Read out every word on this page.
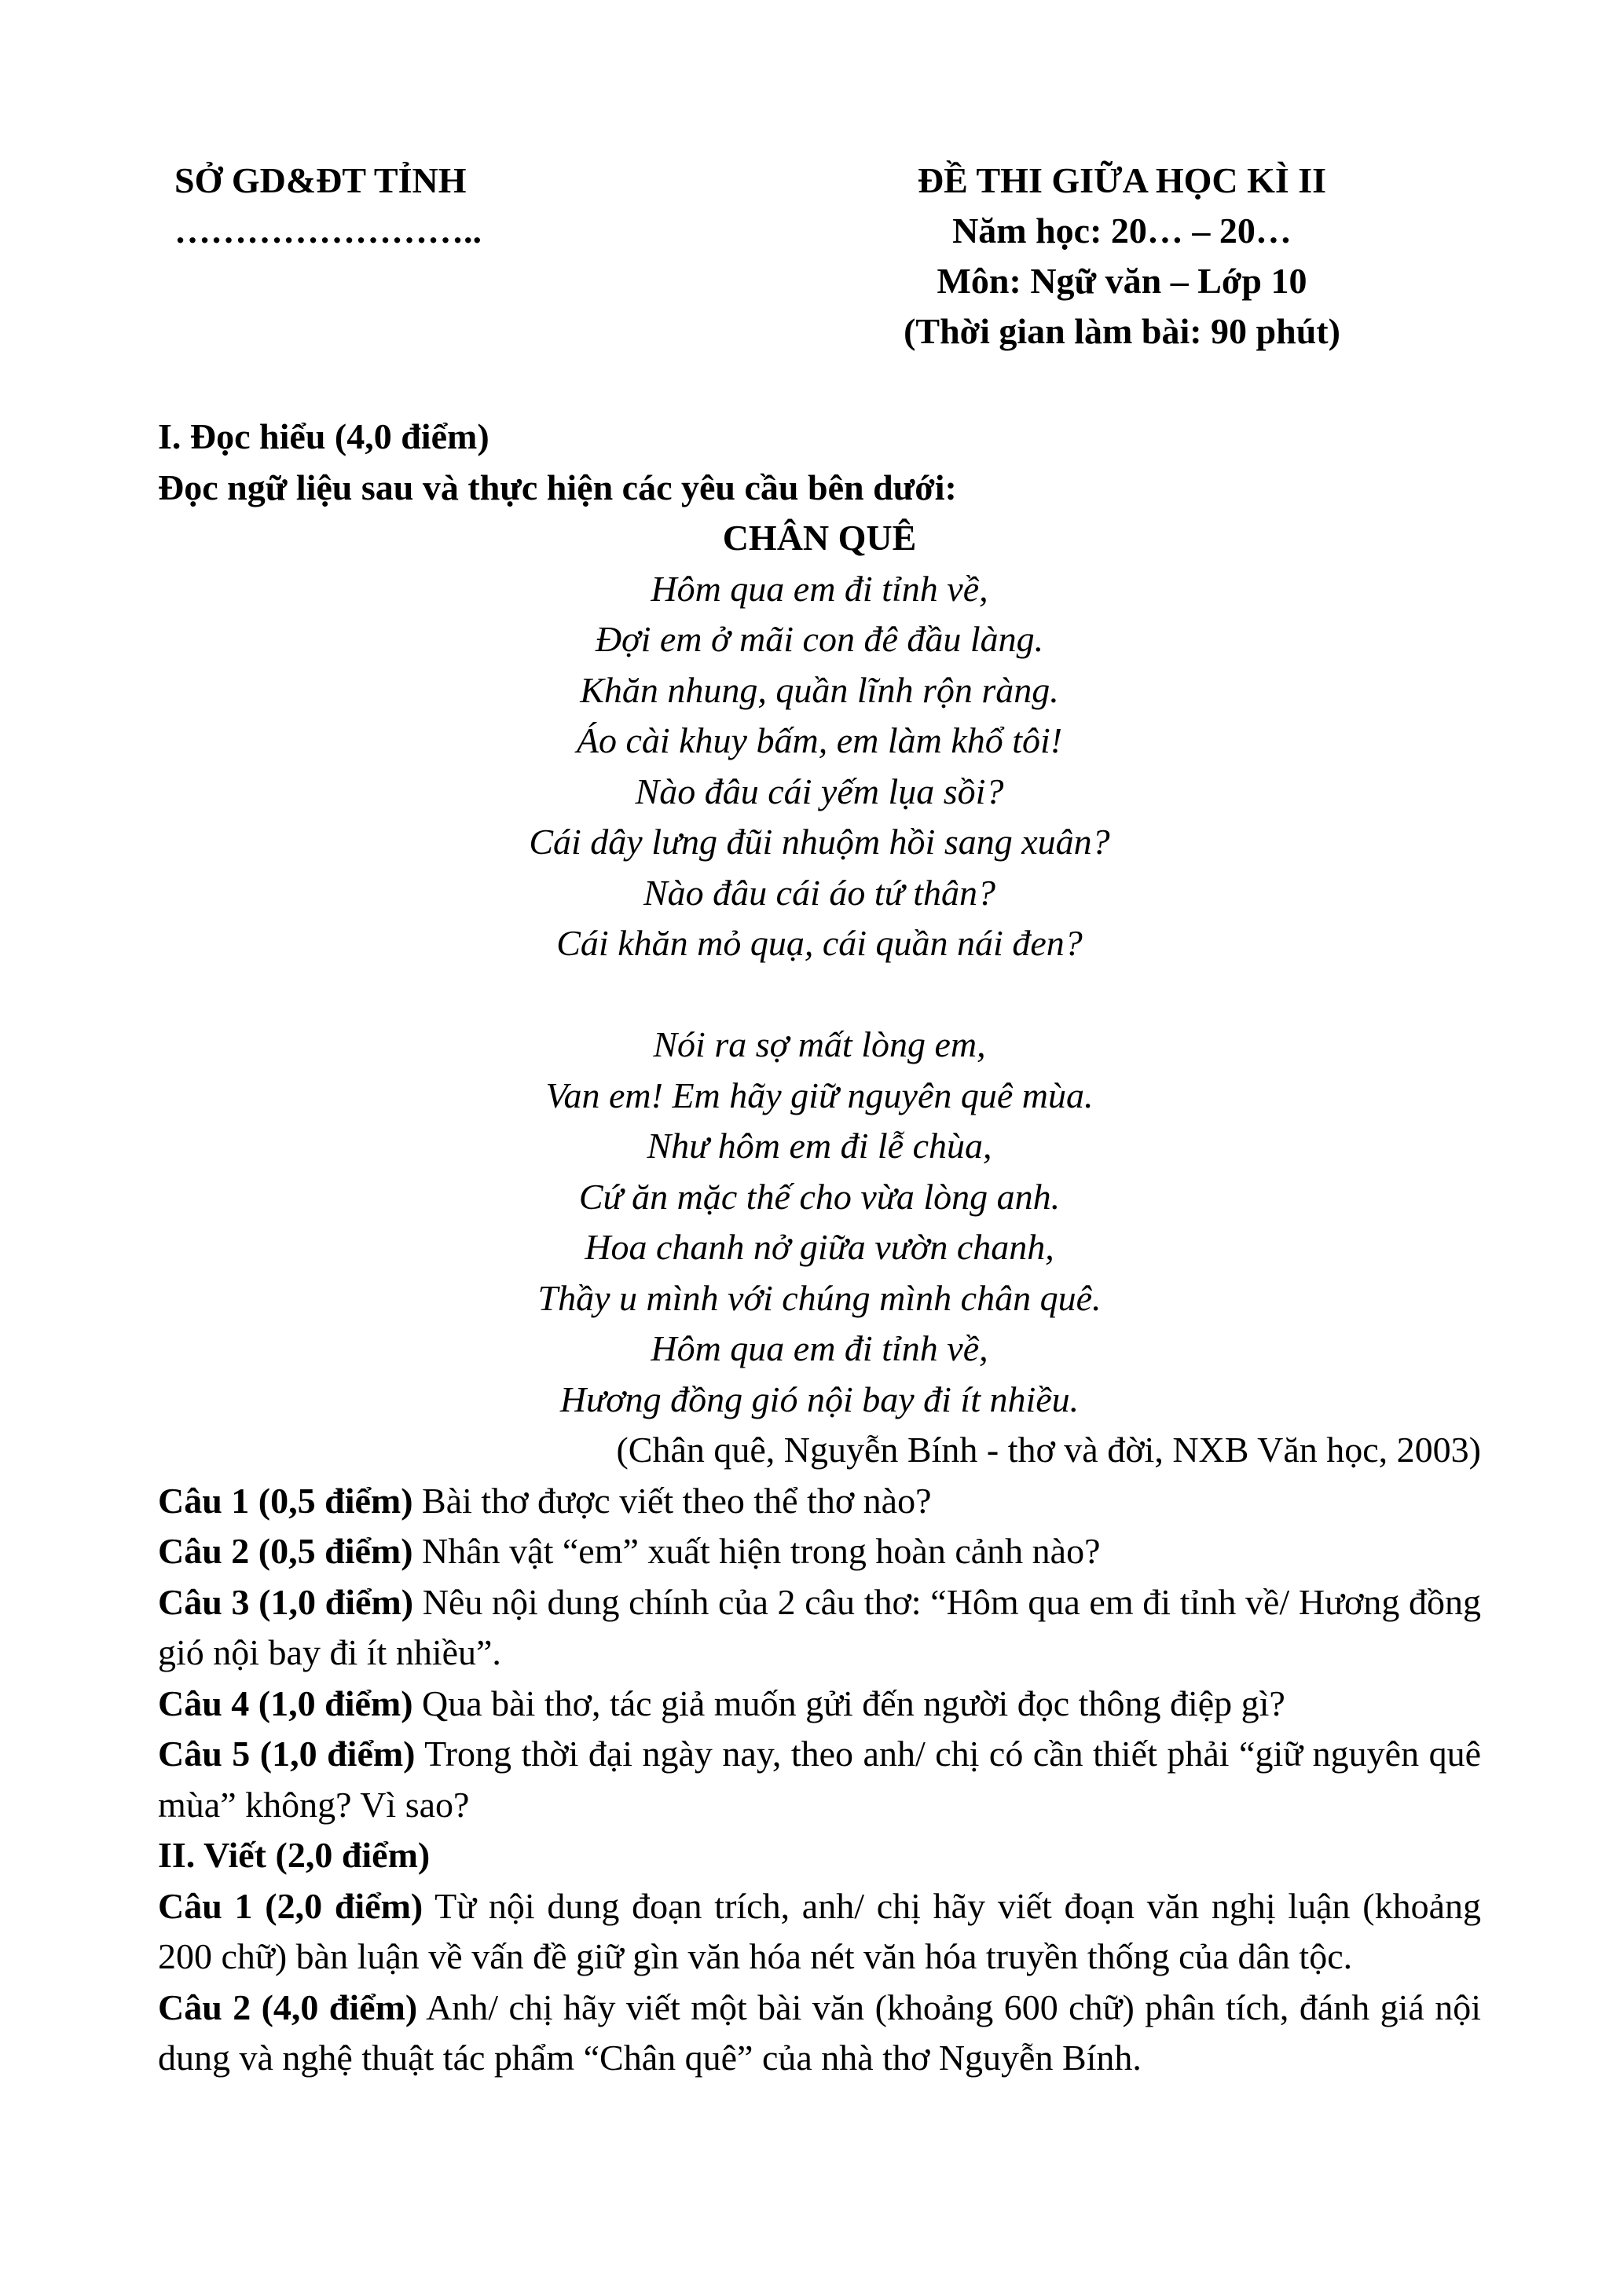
SỞ GD&ĐT TỈNH
……………………..
ĐỀ THI GIỮA HỌC KÌ II
Năm học: 20… – 20…
Môn: Ngữ văn – Lớp 10
(Thời gian làm bài: 90 phút)
I. Đọc hiểu (4,0 điểm)
Đọc ngữ liệu sau và thực hiện các yêu cầu bên dưới:
CHÂN QUÊ
Hôm qua em đi tỉnh về,
Đợi em ở mãi con đê đầu làng.
Khăn nhung, quần lĩnh rộn ràng.
Áo cài khuy bấm, em làm khổ tôi!
Nào đâu cái yếm lụa sồi?
Cái dây lưng đũi nhuộm hồi sang xuân?
Nào đâu cái áo tứ thân?
Cái khăn mỏ quạ, cái quần nái đen?
Nói ra sợ mất lòng em,
Van em! Em hãy giữ nguyên quê mùa.
Như hôm em đi lễ chùa,
Cứ ăn mặc thế cho vừa lòng anh.
Hoa chanh nở giữa vườn chanh,
Thầy u mình với chúng mình chân quê.
Hôm qua em đi tỉnh về,
Hương đồng gió nội bay đi ít nhiều.
(Chân quê, Nguyễn Bính - thơ và đời, NXB Văn học, 2003)
Câu 1 (0,5 điểm) Bài thơ được viết theo thể thơ nào?
Câu 2 (0,5 điểm) Nhân vật “em” xuất hiện trong hoàn cảnh nào?
Câu 3 (1,0 điểm) Nêu nội dung chính của 2 câu thơ: “Hôm qua em đi tỉnh về/ Hương đồng gió nội bay đi ít nhiều”.
Câu 4 (1,0 điểm) Qua bài thơ, tác giả muốn gửi đến người đọc thông điệp gì?
Câu 5 (1,0 điểm) Trong thời đại ngày nay, theo anh/ chị có cần thiết phải “giữ nguyên quê mùa” không? Vì sao?
II. Viết (2,0 điểm)
Câu 1 (2,0 điểm) Từ nội dung đoạn trích, anh/ chị hãy viết đoạn văn nghị luận (khoảng 200 chữ) bàn luận về vấn đề giữ gìn văn hóa nét văn hóa truyền thống của dân tộc.
Câu 2 (4,0 điểm) Anh/ chị hãy viết một bài văn (khoảng 600 chữ) phân tích, đánh giá nội dung và nghệ thuật tác phẩm “Chân quê” của nhà thơ Nguyễn Bính.
